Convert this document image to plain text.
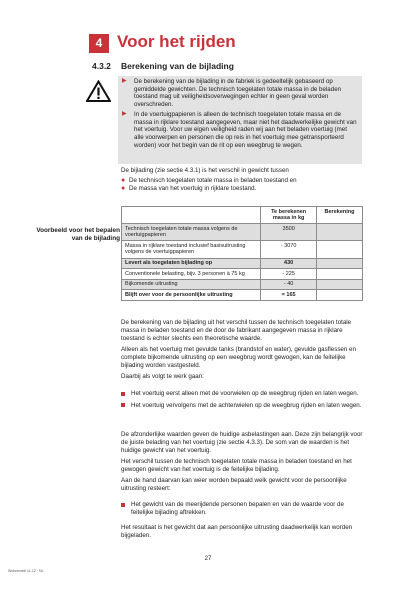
4 Voor het rijden
4.3.2 Berekening van de bijlading
▶	De berekening van de bijlading in de fabriek is gedeeltelijk gebaseerd op gemiddelde gewichten. De technisch toegelaten totale massa in de beladen toestand mag uit veiligheidsoverwegingen echter in geen geval worden overschreden.
▶	In de voertuigpapieren is alleen de technisch toegelaten totale massa en de massa in rijklare toestand aangegeven, maar niet het daadwerkelijke gewicht van het voertuig. Voor uw eigen veiligheid raden wij aan het beladen voertuig (met alle voorwerpen en personen die op reis in het voertuig mee getransporteerd worden) voor het begin van de rit op een weegbrug te wegen.
De bijlading (zie sectie 4.3.1) is het verschil in gewicht tussen
● De technisch toegelaten totale massa in beladen toestand en
● De massa van het voertuig in rijklare toestand.
Voorbeeld voor het bepalen van de bijlading
	Te berekenen massa in kg	Berekening
Technisch toegelaten totale massa volgens de voertuigpapieren	3500	
Massa in rijklare toestand inclusief basisuitrusting volgens de voertuigpapieren	- 3070	
Levert als toegelaten bijlading op	430	
Conventionele belasting, bijv. 3 personen à 75 kg	- 225	
Bijkomende uitrusting	- 40	
Blijft over voor de persoonlijke uitrusting	= 165	
De berekening van de bijlading uit het verschil tussen de technisch toegelaten totale massa in beladen toestand en de door de fabrikant aangegeven massa in rijklare toestand is echter slechts een theoretische waarde.
Alleen als het voertuig met gevulde tanks (brandstof en water), gevulde gasflessen en complete bijkomende uitrusting op een weegbrug wordt gewogen, kan de feitelijke bijlading worden vastgesteld.
Daarbij als volgt te werk gaan:
Het voertuig eerst alleen met de voorwielen op de weegbrug rijden en laten wegen.
Het voertuig vervolgens met de achterwielen op de weegbrug rijden en laten wegen.
De afzonderlijke waarden geven de huidige asbelastingen aan. Deze zijn belangrijk voor de juiste belading van het voertuig (zie sectie 4.3.3). De som van de waarden is het huidige gewicht van het voertuig.
Het verschil tussen de technisch toegelaten totale massa in beladen toestand en het gewogen gewicht van het voertuig is de feitelijke bijlading.
Aan de hand daarvan kan weer worden bepaald welk gewicht voor de persoonlijke uitrusting resteert:
Het gewicht van de meerijdende personen bepalen en van de waarde voor de feitelijke bijlading aftrekken.
Het resultaat is het gewicht dat aan persoonlijke uitrusting daadwerkelijk kan worden bijgeladen.
27
Wohnmobil 11-12 · NL
